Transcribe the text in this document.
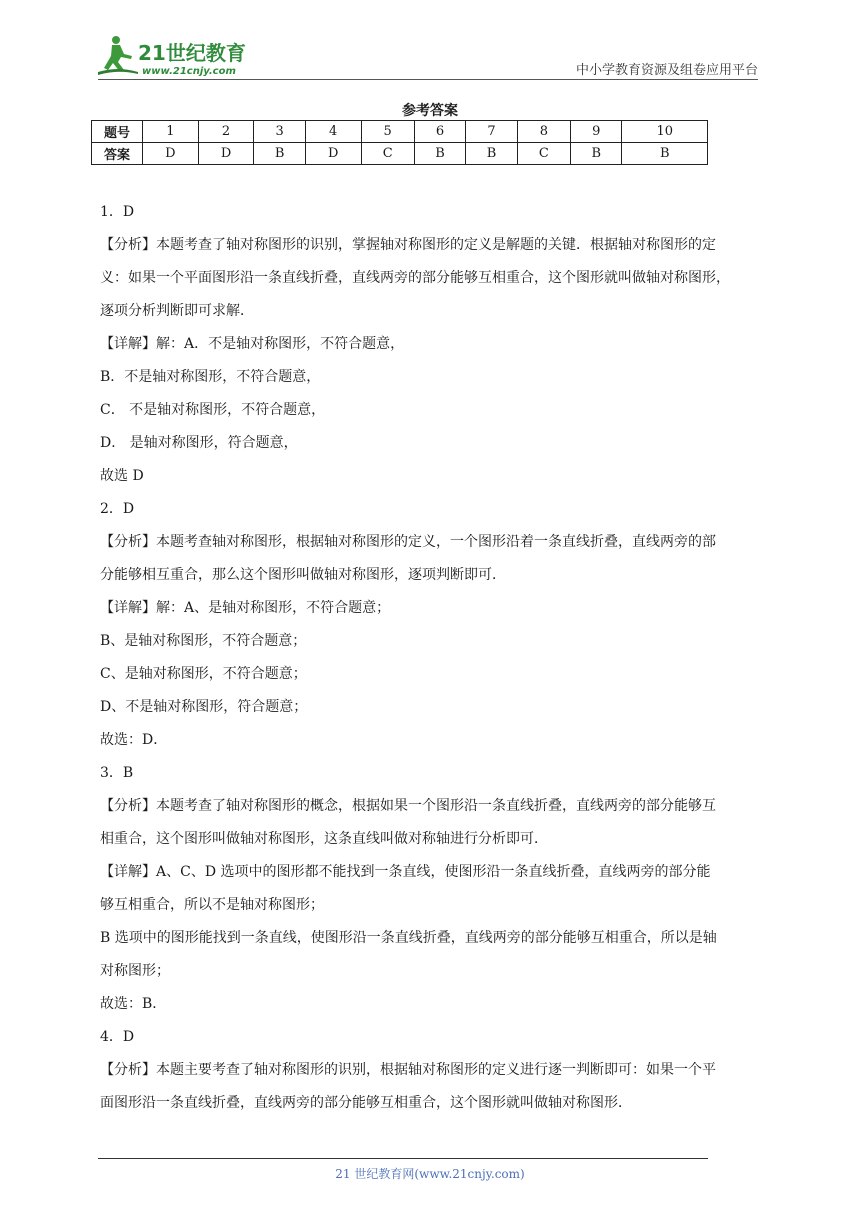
21世纪教育
www.21cnjy.com	中小学教育资源及组卷应用平台
参考答案
题号	1	2	3	4	5	6	7	8	9	10
答案	D	D	B	D	C	B	B	C	B	B

1．D

【分析】本题考查了轴对称图形的识别，掌握轴对称图形的定义是解题的关键．根据轴对称图形的定

义：如果一个平面图形沿一条直线折叠，直线两旁的部分能够互相重合，这个图形就叫做轴对称图形，

逐项分析判断即可求解．

【详解】解：A．不是轴对称图形，不符合题意，

B．不是轴对称图形，不符合题意，

C． 不是轴对称图形，不符合题意，

D． 是轴对称图形，符合题意，

故选 D

2．D

【分析】本题考查轴对称图形，根据轴对称图形的定义，一个图形沿着一条直线折叠，直线两旁的部

分能够相互重合，那么这个图形叫做轴对称图形，逐项判断即可．

【详解】解：A、是轴对称图形，不符合题意；

B、是轴对称图形，不符合题意；

C、是轴对称图形，不符合题意；

D、不是轴对称图形，符合题意；

故选：D．

3．B

【分析】本题考查了轴对称图形的概念，根据如果一个图形沿一条直线折叠，直线两旁的部分能够互

相重合，这个图形叫做轴对称图形，这条直线叫做对称轴进行分析即可．

【详解】A、C、D 选项中的图形都不能找到一条直线，使图形沿一条直线折叠，直线两旁的部分能

够互相重合，所以不是轴对称图形；

B 选项中的图形能找到一条直线，使图形沿一条直线折叠，直线两旁的部分能够互相重合，所以是轴

对称图形；

故选：B．

4．D

【分析】本题主要考查了轴对称图形的识别，根据轴对称图形的定义进行逐一判断即可：如果一个平

面图形沿一条直线折叠，直线两旁的部分能够互相重合，这个图形就叫做轴对称图形．

21 世纪教育网(www.21cnjy.com)
